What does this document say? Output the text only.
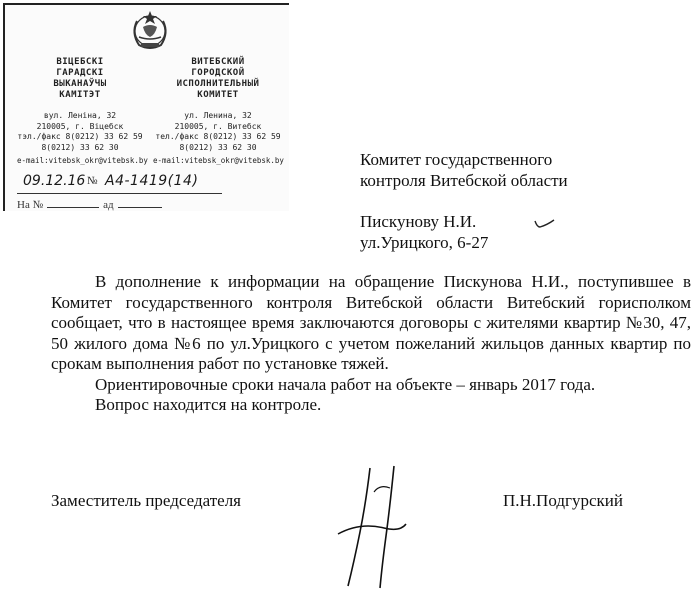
ВІЦЕБСКІ
ГАРАДСКІ
ВЫКАНАЎЧЫ
КАМІТЭТ
вул. Леніна, 32
210005, г. Віцебск
тэл./факс 8(0212) 33 62 59
8(0212) 33 62 30
ВИТЕБСКИЙ
ГОРОДСКОЙ
ИСПОЛНИТЕЛЬНЫЙ
КОМИТЕТ
ул. Ленина, 32
210005, г. Витебск
тел./факс 8(0212) 33 62 59
8(0212) 33 62 30
e-mail:vitebsk_okr@vitebsk.by e-mail:vitebsk_okr@vitebsk.by
09.12.16 № А4-1419(14)
На №	ад
Комитет государственного
контроля Витебской области
Пискунову Н.И.
ул.Урицкого, 6-27

В дополнение к информации на обращение Пискунова Н.И., поступившее в Комитет государственного контроля Витебской области Витебский горисполком сообщает, что в настоящее время заключаются договоры с жителями квартир №30, 47, 50 жилого дома №6 по ул.Урицкого с учетом пожеланий жильцов данных квартир по срокам выполнения работ по установке тяжей.

Ориентировочные сроки начала работ на объекте – январь 2017 года.

Вопрос находится на контроле.

Заместитель председателя	П.Н.Подгурский
